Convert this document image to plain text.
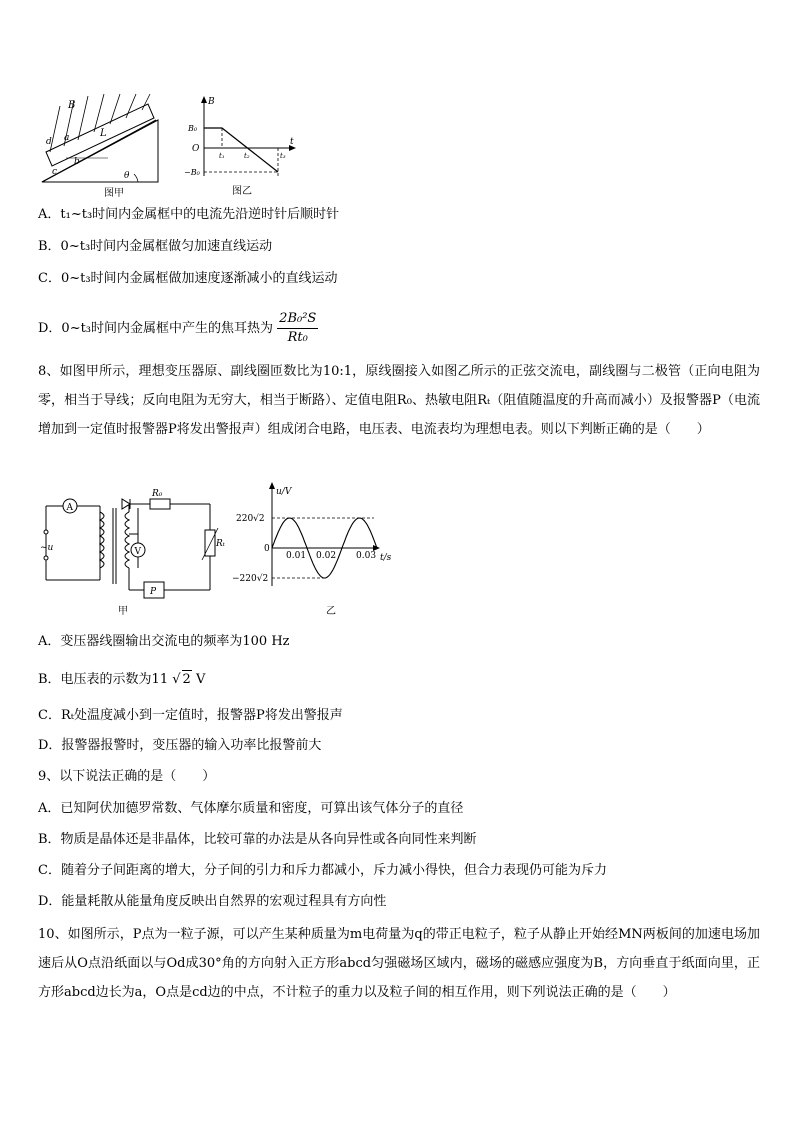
B
L
d a
b
c	θ
图甲
B
B₀
O
−B₀
t
t₁	t₂	t₃
图乙
A．t₁~t₃时间内金属框中的电流先沿逆时针后顺时针
B．0~t₃时间内金属框做匀加速直线运动
C．0~t₃时间内金属框做加速度逐渐减小的直线运动
D．0~t₃时间内金属框中产生的焦耳热为 $\frac{\text{2B₀²S}}{\text{Rt₀}}$
8、如图甲所示，理想变压器原、副线圈匝数比为10:1，原线圈接入如图乙所示的正弦交流电，副线圈与二极管（正向电阻为零，相当于导线；反向电阻为无穷大，相当于断路）、定值电阻R₀、热敏电阻Rₜ（阻值随温度的升高而减小）及报警器P（电流增加到一定值时报警器P将发出警报声）组成闭合电路，电压表、电流表均为理想电表。则以下判断正确的是（　　）
A
~u
R₀
Rₜ
P
V
甲
u/V
220√2
−220√2
0
0.01 0.02 0.03 t/s
乙
A．变压器线圈输出交流电的频率为100 Hz
B．电压表的示数为11 √ 2 V
C．Rₜ处温度减小到一定值时，报警器P将发出警报声
D．报警器报警时，变压器的输入功率比报警前大
9、以下说法正确的是（　　）
A．已知阿伏加德罗常数、气体摩尔质量和密度，可算出该气体分子的直径
B．物质是晶体还是非晶体，比较可靠的办法是从各向异性或各向同性来判断
C．随着分子间距离的增大，分子间的引力和斥力都减小，斥力减小得快，但合力表现仍可能为斥力
D．能量耗散从能量角度反映出自然界的宏观过程具有方向性
10、如图所示，P点为一粒子源，可以产生某种质量为m电荷量为q的带正电粒子，粒子从静止开始经MN两板间的加速电场加速后从O点沿纸面以与Od成30°角的方向射入正方形abcd匀强磁场区域内，磁场的磁感应强度为B，方向垂直于纸面向里，正方形abcd边长为a，O点是cd边的中点，不计粒子的重力以及粒子间的相互作用，则下列说法正确的是（　　）
